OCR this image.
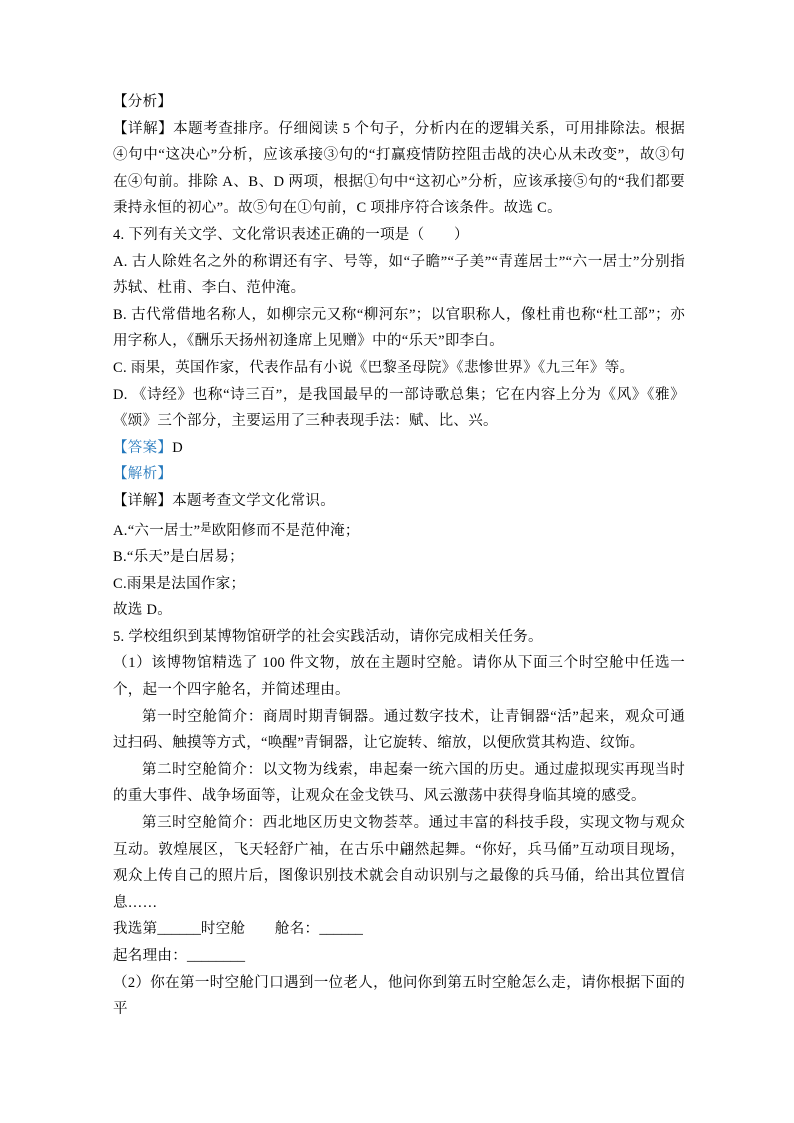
【分析】

【详解】本题考查排序。仔细阅读 5 个句子，分析内在的逻辑关系，可用排除法。根据④句中“这决心”分析，应该承接③句的“打赢疫情防控阻击战的决心从未改变”，故③句在④句前。排除 A、B、D 两项，根据①句中“这初心”分析，应该承接⑤句的“我们都要秉持永恒的初心”。故⑤句在①句前，C 项排序符合该条件。故选 C。

4. 下列有关文学、文化常识表述正确的一项是（　　）

A. 古人除姓名之外的称谓还有字、号等，如“子瞻”“子美”“青莲居士”“六一居士”分别指苏轼、杜甫、李白、范仲淹。

B. 古代常借地名称人，如柳宗元又称“柳河东”；以官职称人，像杜甫也称“杜工部”；亦用字称人，《酬乐天扬州初逢席上见赠》中的“乐天”即李白。

C. 雨果，英国作家，代表作品有小说《巴黎圣母院》《悲惨世界》《九三年》等。

D. 《诗经》也称“诗三百”，是我国最早的一部诗歌总集；它在内容上分为《风》《雅》《颂》三个部分，主要运用了三种表现手法：赋、比、兴。

【答案】D

【解析】

【详解】本题考查文学文化常识。

A.“六一居士”$^是$欧阳修而不是范仲淹；

B.“乐天”是白居易；

C.雨果是法国作家；

故选 D。

5. 学校组织到某博物馆研学的社会实践活动，请你完成相关任务。

（1）该博物馆精选了 100 件文物，放在主题时空舱。请你从下面三个时空舱中任选一个，起一个四字舱名，并简述理由。

第一时空舱简介：商周时期青铜器。通过数字技术，让青铜器“活”起来，观众可通过扫码、触摸等方式，“唤醒”青铜器，让它旋转、缩放，以便欣赏其构造、纹饰。

第二时空舱简介：以文物为线索，串起秦一统六国的历史。通过虚拟现实再现当时的重大事件、战争场面等，让观众在金戈铁马、风云激荡中获得身临其境的感受。

第三时空舱简介：西北地区历史文物荟萃。通过丰富的科技手段，实现文物与观众互动。敦煌展区，飞天轻舒广袖，在古乐中翩然起舞。“你好，兵马俑”互动项目现场，观众上传自己的照片后，图像识别技术就会自动识别与之最像的兵马俑，给出其位置信息……

我选第______时空舱　　 舱名：______

起名理由：________

（2）你在第一时空舱门口遇到一位老人，他问你到第五时空舱怎么走，请你根据下面的平
